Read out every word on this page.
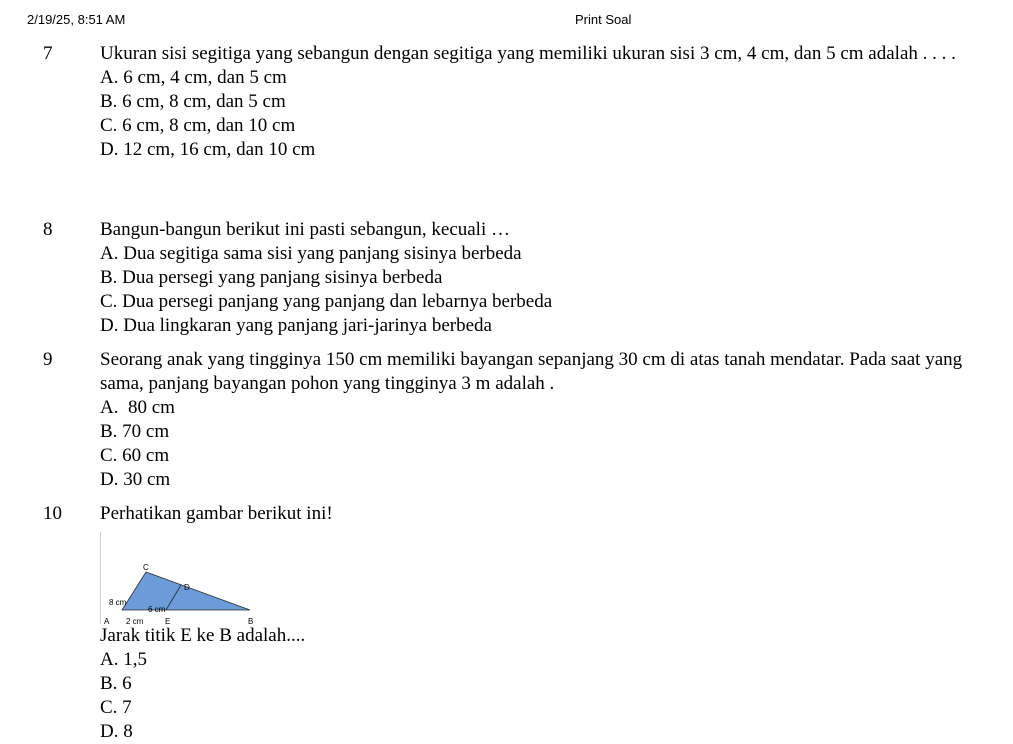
2/19/25, 8:51 AM	Print Soal
7	Ukuran sisi segitiga yang sebangun dengan segitiga yang memiliki ukuran sisi 3 cm, 4 cm, dan 5 cm adalah . . . .
A. 6 cm, 4 cm, dan 5 cm
B. 6 cm, 8 cm, dan 5 cm
C. 6 cm, 8 cm, dan 10 cm
D. 12 cm, 16 cm, dan 10 cm
8	Bangun-bangun berikut ini pasti sebangun, kecuali …
A. Dua segitiga sama sisi yang panjang sisinya berbeda
B. Dua persegi yang panjang sisinya berbeda
C. Dua persegi panjang yang panjang dan lebarnya berbeda
D. Dua lingkaran yang panjang jari-jarinya berbeda
9	Seorang anak yang tingginya 150 cm memiliki bayangan sepanjang 30 cm di atas tanah mendatar. Pada saat yang sama, panjang bayangan pohon yang tingginya 3 m adalah .
A.  80 cm
B. 70 cm
C. 60 cm
D. 30 cm
10 Perhatikan gambar berikut ini!
C
D
8 cm
6 cm
A 2 cm	E	B
Jarak titik E ke B adalah....
A. 1,5
B. 6
C. 7
D. 8
